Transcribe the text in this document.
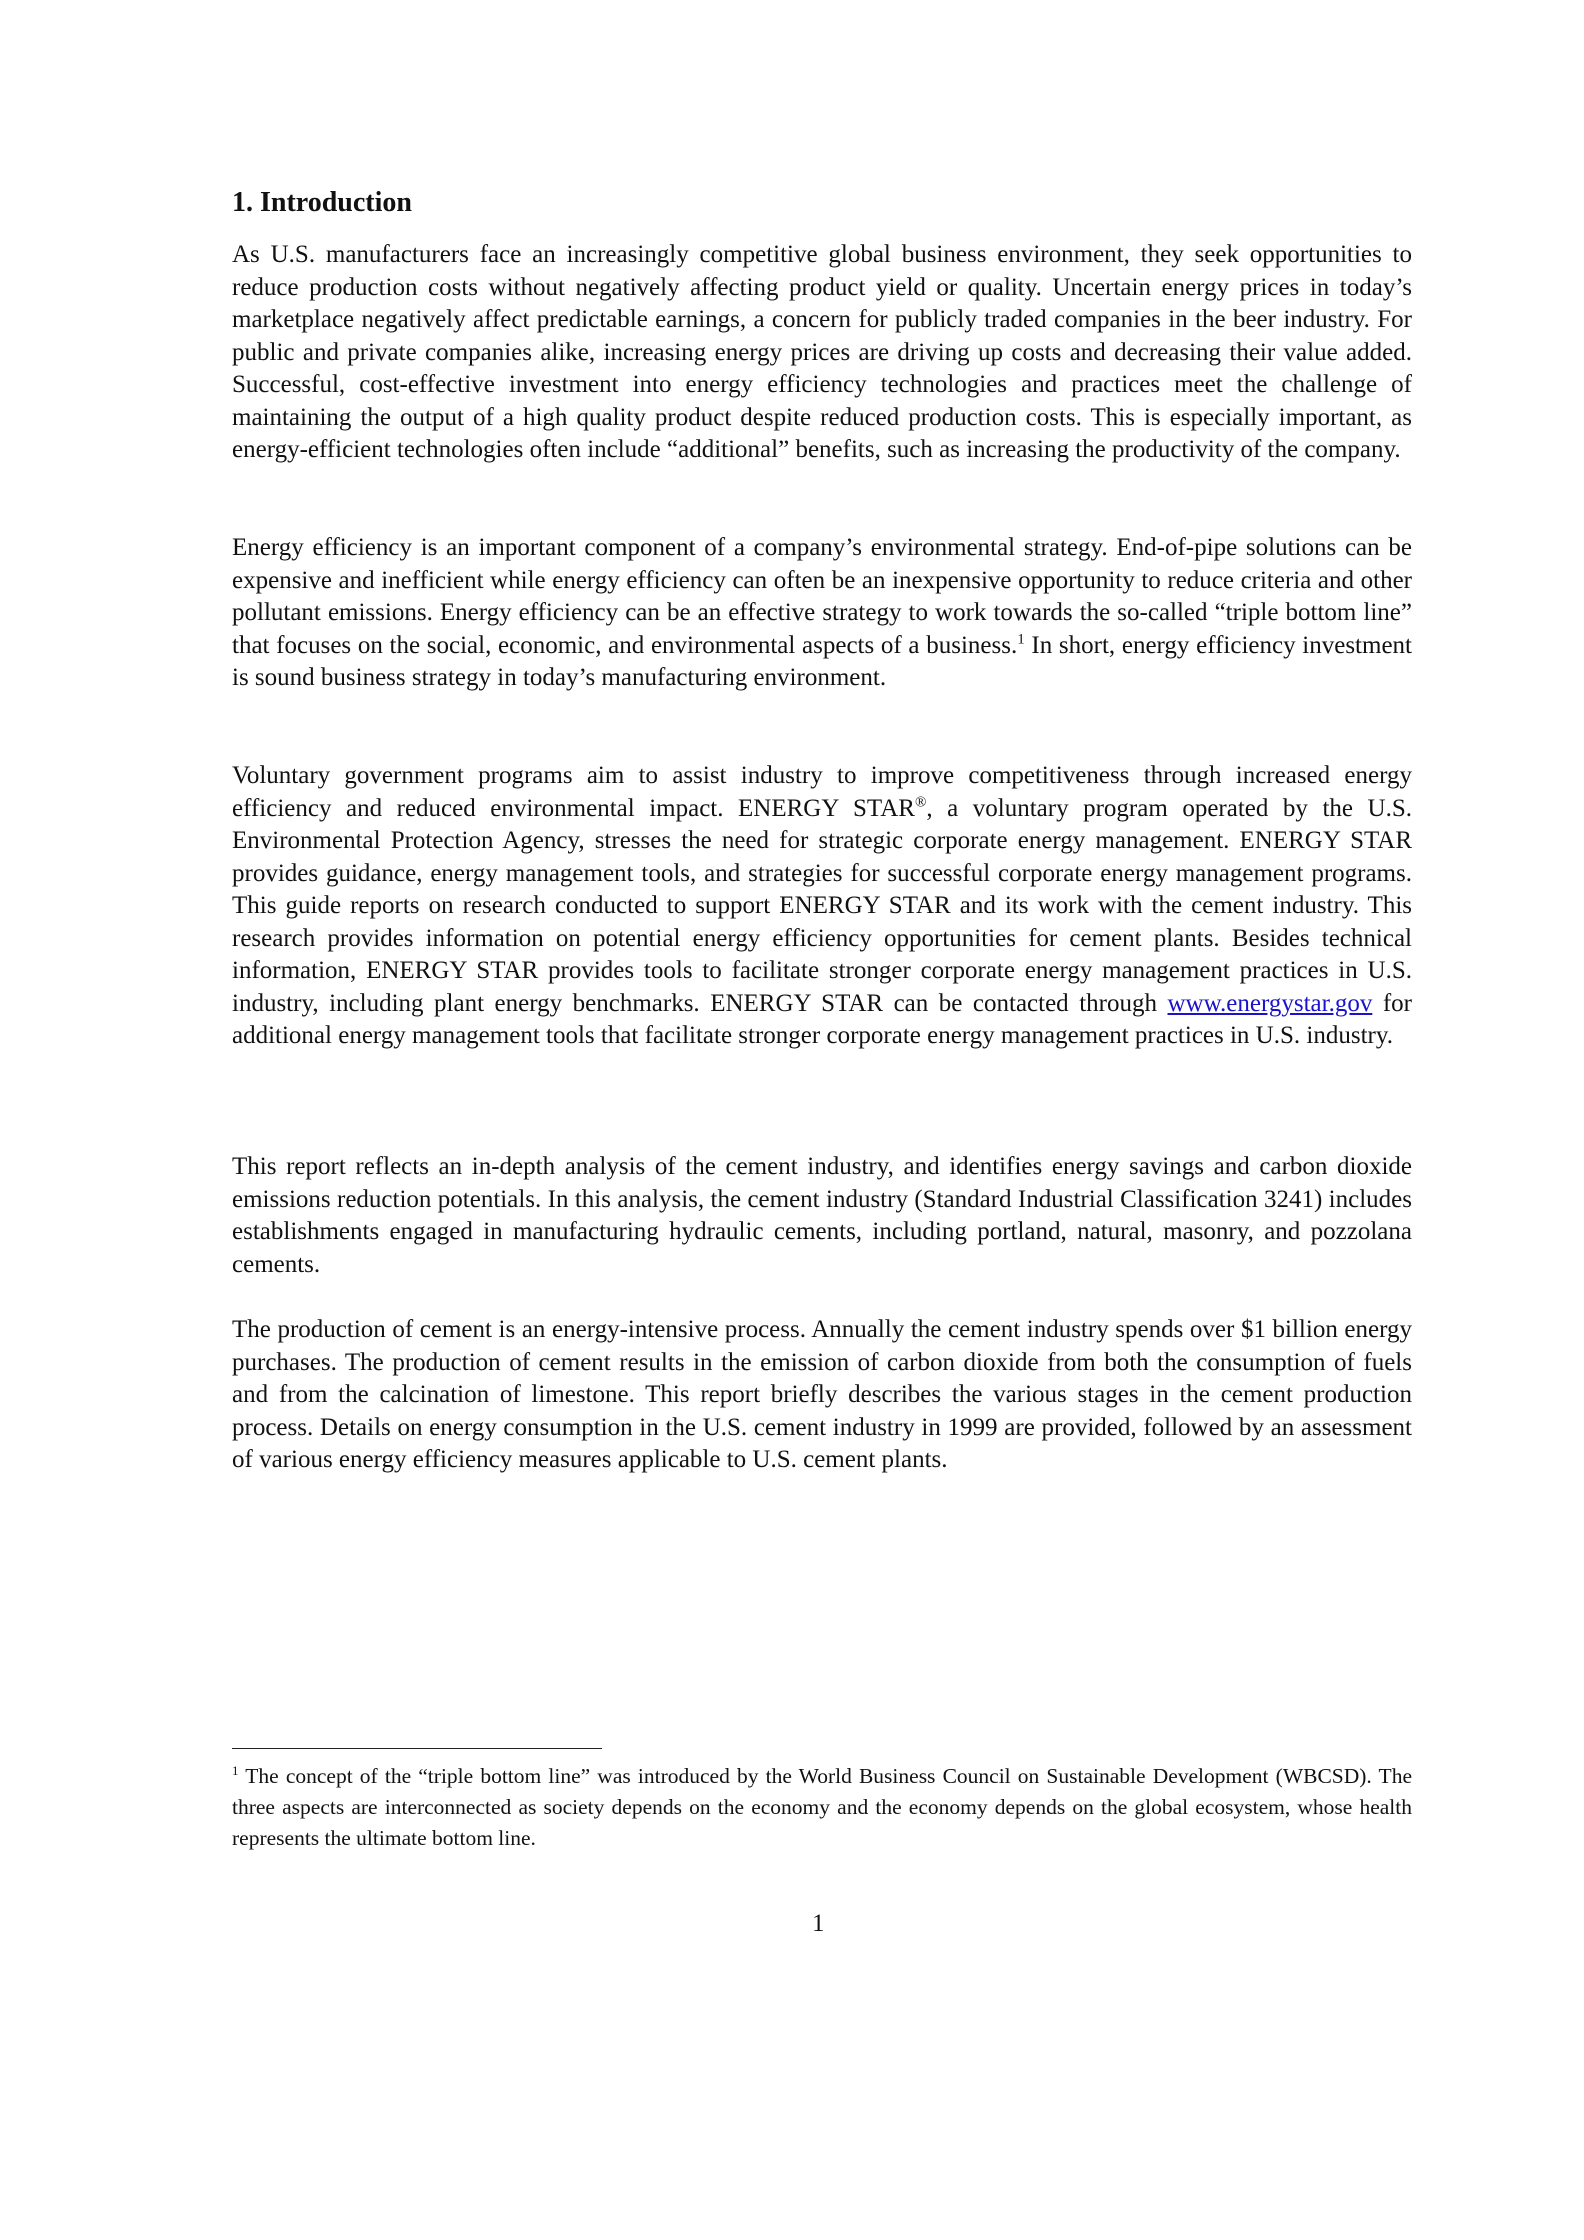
1. Introduction

As U.S. manufacturers face an increasingly competitive global business environment, they seek opportunities to reduce production costs without negatively affecting product yield or quality. Uncertain energy prices in today’s marketplace negatively affect predictable earnings, a concern for publicly traded companies in the beer industry. For public and private companies alike, increasing energy prices are driving up costs and decreasing their value added. Successful, cost-effective investment into energy efficiency technologies and practices meet the challenge of maintaining the output of a high quality product despite reduced production costs. This is especially important, as energy-efficient technologies often include “additional” benefits, such as increasing the productivity of the company.

Energy efficiency is an important component of a company’s environmental strategy. End-of-pipe solutions can be expensive and inefficient while energy efficiency can often be an inexpensive opportunity to reduce criteria and other pollutant emissions. Energy efficiency can be an effective strategy to work towards the so-called “triple bottom line” that focuses on the social, economic, and environmental aspects of a business.$^1$ In short, energy efficiency investment is sound business strategy in today’s manufacturing environment.

Voluntary government programs aim to assist industry to improve competitiveness through increased energy efficiency and reduced environmental impact. ENERGY STAR®, a voluntary program operated by the U.S. Environmental Protection Agency, stresses the need for strategic corporate energy management. ENERGY STAR provides guidance, energy management tools, and strategies for successful corporate energy management programs. This guide reports on research conducted to support ENERGY STAR and its work with the cement industry. This research provides information on potential energy efficiency opportunities for cement plants. Besides technical information, ENERGY STAR provides tools to facilitate stronger corporate energy management practices in U.S. industry, including plant energy benchmarks. ENERGY STAR can be contacted through www.energystar.gov for additional energy management tools that facilitate stronger corporate energy management practices in U.S. industry.

This report reflects an in-depth analysis of the cement industry, and identifies energy savings and carbon dioxide emissions reduction potentials. In this analysis, the cement industry (Standard Industrial Classification 3241) includes establishments engaged in manufacturing hydraulic cements, including portland, natural, masonry, and pozzolana cements.

The production of cement is an energy-intensive process. Annually the cement industry spends over $1 billion energy purchases. The production of cement results in the emission of carbon dioxide from both the consumption of fuels and from the calcination of limestone. This report briefly describes the various stages in the cement production process. Details on energy consumption in the U.S. cement industry in 1999 are provided, followed by an assessment of various energy efficiency measures applicable to U.S. cement plants.

$^1$ The concept of the “triple bottom line” was introduced by the World Business Council on Sustainable Development (WBCSD). The three aspects are interconnected as society depends on the economy and the economy depends on the global ecosystem, whose health represents the ultimate bottom line.

1
